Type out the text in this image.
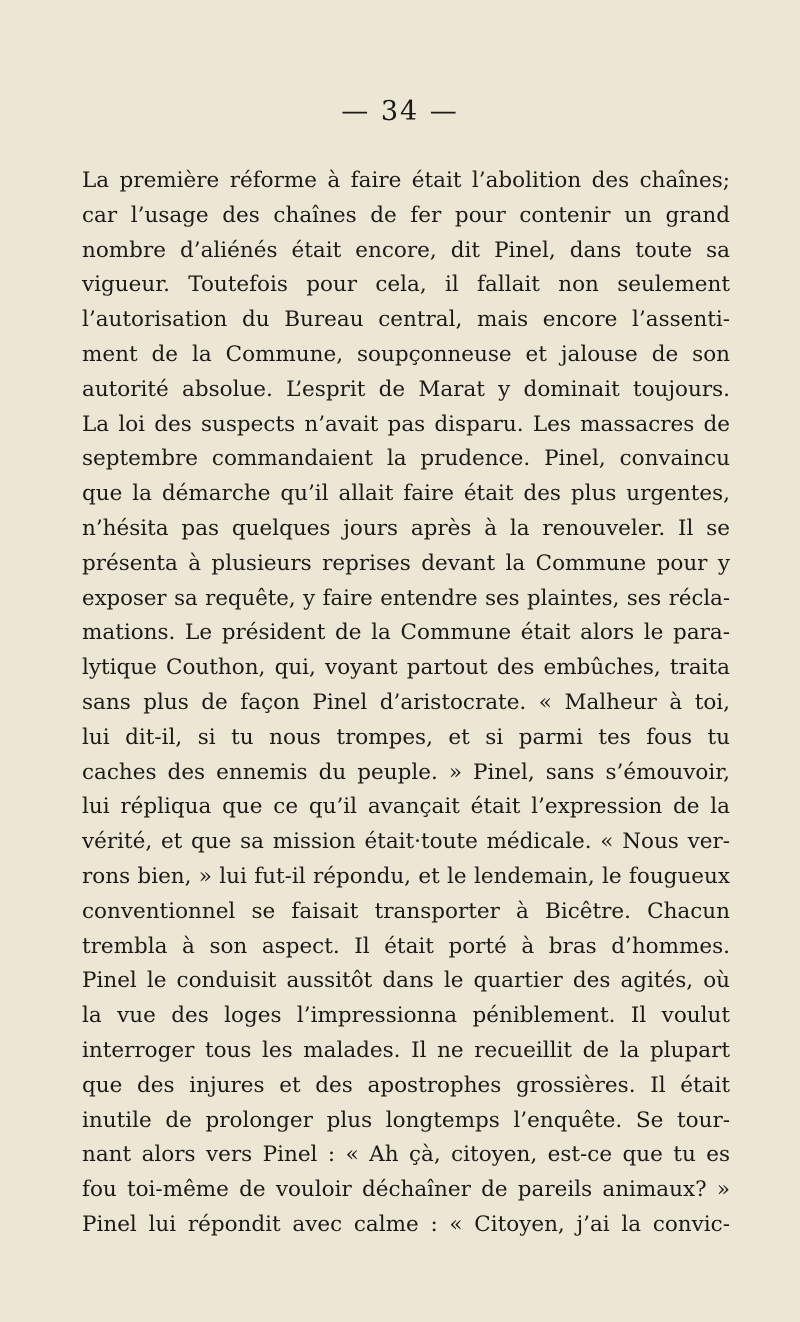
— 34 —
La première réforme à faire était l’abolition des chaînes;
car l’usage des chaînes de fer pour contenir un grand
nombre d’aliénés était encore, dit Pinel, dans toute sa
vigueur. Toutefois pour cela, il fallait non seulement
l’autorisation du Bureau central, mais encore l’assenti-
ment de la Commune, soupçonneuse et jalouse de son
autorité absolue. L’esprit de Marat y dominait toujours.
La loi des suspects n’avait pas disparu. Les massacres de
septembre commandaient la prudence. Pinel, convaincu
que la démarche qu’il allait faire était des plus urgentes,
n’hésita pas quelques jours après à la renouveler. Il se
présenta à plusieurs reprises devant la Commune pour y
exposer sa requête, y faire entendre ses plaintes, ses récla-
mations. Le président de la Commune était alors le para-
lytique Couthon, qui, voyant partout des embûches, traita
sans plus de façon Pinel d’aristocrate. « Malheur à toi,
lui dit-il, si tu nous trompes, et si parmi tes fous tu
caches des ennemis du peuple. » Pinel, sans s’émouvoir,
lui répliqua que ce qu’il avançait était l’expression de la
vérité, et que sa mission était·toute médicale. « Nous ver-
rons bien, » lui fut-il répondu, et le lendemain, le fougueux
conventionnel se faisait transporter à Bicêtre. Chacun
trembla à son aspect. Il était porté à bras d’hommes.
Pinel le conduisit aussitôt dans le quartier des agités, où
la vue des loges l’impressionna péniblement. Il voulut
interroger tous les malades. Il ne recueillit de la plupart
que des injures et des apostrophes grossières. Il était
inutile de prolonger plus longtemps l’enquête. Se tour-
nant alors vers Pinel : « Ah çà, citoyen, est-ce que tu es
fou toi-même de vouloir déchaîner de pareils animaux? »
Pinel lui répondit avec calme : « Citoyen, j’ai la convic-
